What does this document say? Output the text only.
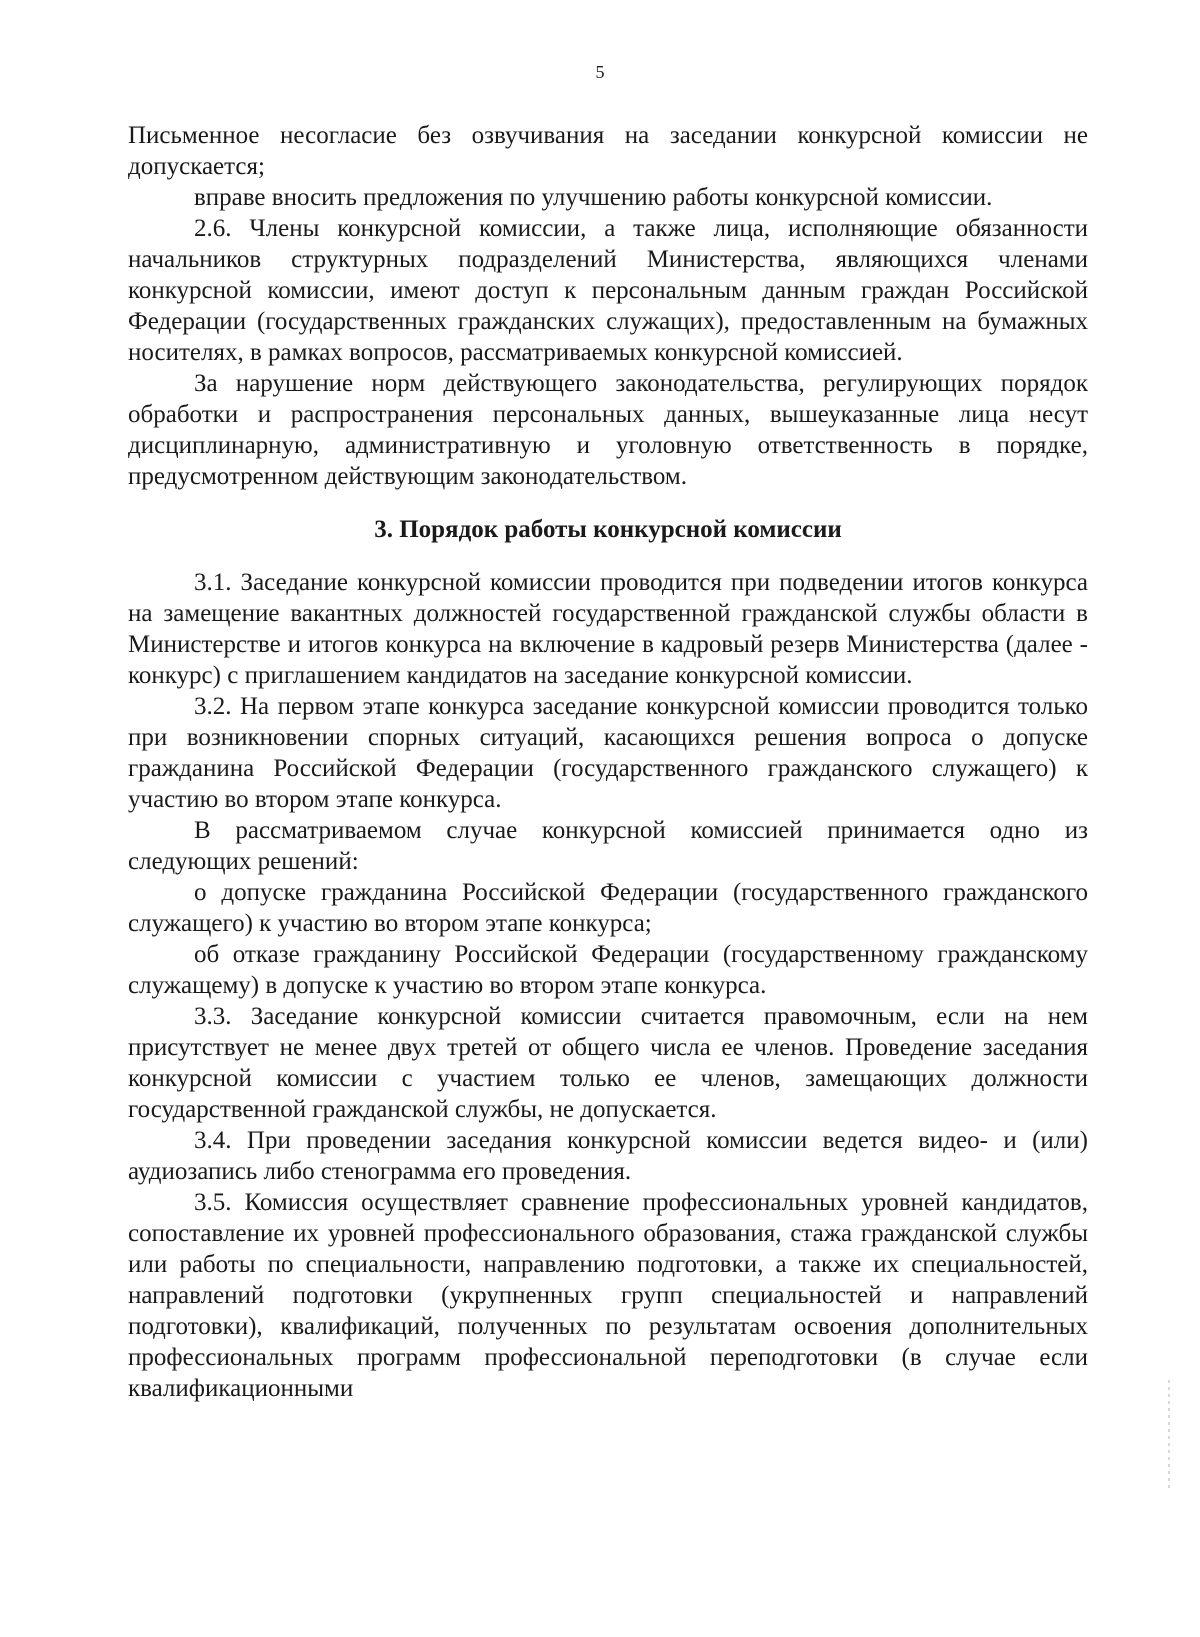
5

Письменное несогласие без озвучивания на заседании конкурсной комиссии не допускается;

вправе вносить предложения по улучшению работы конкурсной комиссии.

2.6. Члены конкурсной комиссии, а также лица, исполняющие обязанности начальников структурных подразделений Министерства, являющихся членами конкурсной комиссии, имеют доступ к персональным данным граждан Российской Федерации (государственных гражданских служащих), предоставленным на бумажных носителях, в рамках вопросов, рассматриваемых конкурсной комиссией.

За нарушение норм действующего законодательства, регулирующих порядок обработки и распространения персональных данных, вышеуказанные лица несут дисциплинарную, административную и уголовную ответственность в порядке, предусмотренном действующим законодательством.

3. Порядок работы конкурсной комиссии

3.1. Заседание конкурсной комиссии проводится при подведении итогов конкурса на замещение вакантных должностей государственной гражданской службы области в Министерстве и итогов конкурса на включение в кадровый резерв Министерства (далее - конкурс) с приглашением кандидатов на заседание конкурсной комиссии.

3.2. На первом этапе конкурса заседание конкурсной комиссии проводится только при возникновении спорных ситуаций, касающихся решения вопроса о допуске гражданина Российской Федерации (государственного гражданского служащего) к участию во втором этапе конкурса.

В рассматриваемом случае конкурсной комиссией принимается одно из следующих решений:

о допуске гражданина Российской Федерации (государственного гражданского служащего) к участию во втором этапе конкурса;

об отказе гражданину Российской Федерации (государственному гражданскому служащему) в допуске к участию во втором этапе конкурса.

3.3. Заседание конкурсной комиссии считается правомочным, если на нем присутствует не менее двух третей от общего числа ее членов. Проведение заседания конкурсной комиссии с участием только ее членов, замещающих должности государственной гражданской службы, не допускается.

3.4. При проведении заседания конкурсной комиссии ведется видео- и (или) аудиозапись либо стенограмма его проведения.

3.5. Комиссия осуществляет сравнение профессиональных уровней кандидатов, сопоставление их уровней профессионального образования, стажа гражданской службы или работы по специальности, направлению подготовки, а также их специальностей, направлений подготовки (укрупненных групп специальностей и направлений подготовки), квалификаций, полученных по результатам освоения дополнительных профессиональных программ профессиональной переподготовки (в случае если квалификационными
